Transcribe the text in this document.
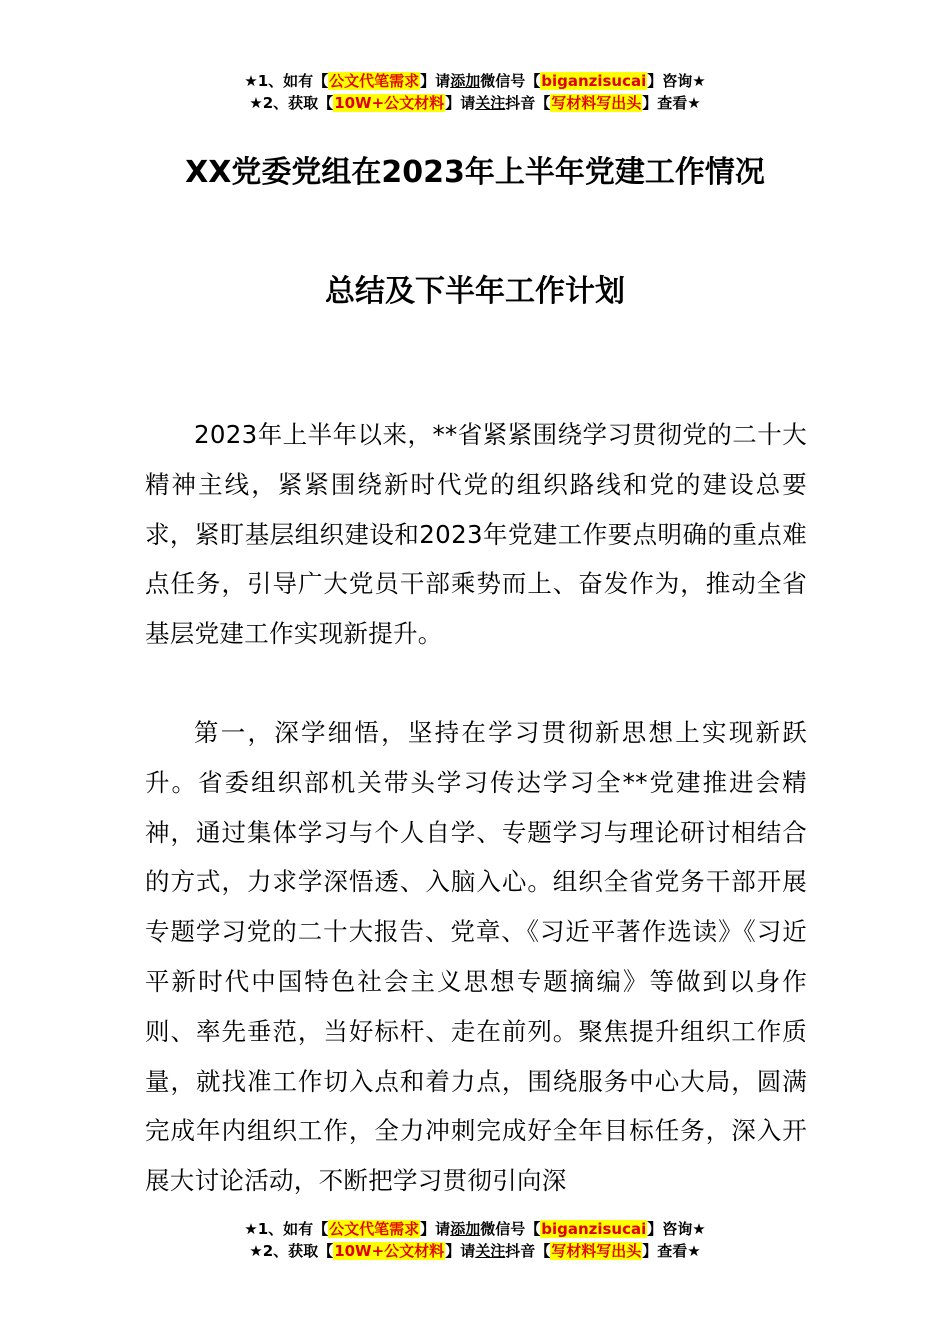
★1、如有【公文代笔需求】请添加微信号【biganzisucai】咨询★
★2、获取【10W+公文材料】请关注抖音【写材料写出头】查看★
XX党委党组在2023年上半年党建工作情况
总结及下半年工作计划
2023年上半年以来，**省紧紧围绕学习贯彻党的二十大精神主线，紧紧围绕新时代党的组织路线和党的建设总要求，紧盯基层组织建设和2023年党建工作要点明确的重点难点任务，引导广大党员干部乘势而上、奋发作为，推动全省基层党建工作实现新提升。
第一，深学细悟，坚持在学习贯彻新思想上实现新跃升。省委组织部机关带头学习传达学习全**党建推进会精神，通过集体学习与个人自学、专题学习与理论研讨相结合的方式，力求学深悟透、入脑入心。组织全省党务干部开展专题学习党的二十大报告、党章、《习近平著作选读》《习近平新时代中国特色社会主义思想专题摘编》等做到以身作则、率先垂范，当好标杆、走在前列。聚焦提升组织工作质量，就找准工作切入点和着力点，围绕服务中心大局，圆满完成年内组织工作，全力冲刺完成好全年目标任务，深入开展大讨论活动，不断把学习贯彻引向深
★1、如有【公文代笔需求】请添加微信号【biganzisucai】咨询★
★2、获取【10W+公文材料】请关注抖音【写材料写出头】查看★
